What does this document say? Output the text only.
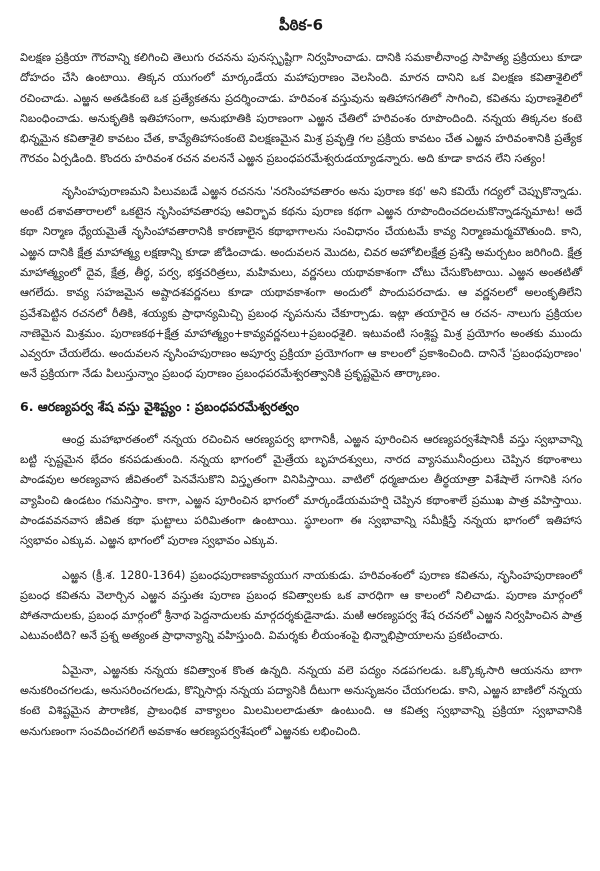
పీఠిక-6

విలక్షణ ప్రక్రియా గౌరవాన్ని కలిగించి తెలుగు రచనను పునస్సృష్టిగా నిర్వహించాడు. దానికి సమకాలీనాంధ్ర సాహిత్య ప్రక్రియలు కూడా దోహదం చేసి ఉంటాయి. తిక్కన యుగంలో మార్కండేయ మహాపురాణం వెలసింది. మారన దానిని ఒక విలక్షణ కవితాశైలిలో రచించాడు. ఎఱ్ఱన అతడికంటె ఒక ప్రత్యేకతను ప్రదర్శించాడు. హరివంశ వస్తువును ఇతిహాసగతిలో సాగించి, కవితను పురాణశైలిలో నిబంధించాడు. అనుకృతికి ఇతిహాసంగా, అనుభూతికి పురాణంగా ఎఱ్ఱన చేతిలో హరివంశం రూపొందింది. నన్నయ తిక్కనల కంటె భిన్నమైన కవితాశైలి కావటం చేత, కావ్యేతిహాసంకంటె విలక్షణమైన మిశ్ర ప్రవృత్తి గల ప్రక్రియ కావటం చేత ఎఱ్ఱన హరివంశానికి ప్రత్యేక గౌరవం ఏర్పడింది. కొందరు హరివంశ రచన వలననే ఎఱ్ఱన ప్రబంధపరమేశ్వరుడయ్యాడన్నారు. అది కూడా కాదన లేని సత్యం!

నృసింహపురాణమని పిలువబడే ఎఱ్ఱన రచనను 'నరసింహావతారం అను పురాణ కథ' అని కవియే గద్యలో చెప్పుకొన్నాడు. అంటే దశావతారాలలో ఒకటైన నృసింహావతారపు ఆవిర్భావ కథను పురాణ కథగా ఎఱ్ఱన రూపొందించదలచుకొన్నాడన్నమాట! అదే కథా నిర్మాణ ధ్యేయమైతే నృసింహావతారానికి కారణాలైన కథాభాగాలను సంవిధానం చేయటమే కావ్య నిర్మాణమర్మమౌతుంది. కాని, ఎఱ్ఱన దానికి క్షేత్ర మాహాత్మ్య లక్షణాన్ని కూడా జోడించాడు. అందువలన మొదట, చివర అహోబిలక్షేత్ర ప్రశస్తి అమర్చటం జరిగింది. క్షేత్ర మాహాత్మ్యంలో దైవ, క్షేత్ర, తీర్థ, పర్వ, భక్తచరిత్రలు, మహిమలు, వర్ణనలు యథావకాశంగా చోటు చేసుకొంటాయి. ఎఱ్ఱన అంతటితో ఆగలేదు. కావ్య సహజమైన అష్టాదశవర్ణనలు కూడా యథావకాశంగా అందులో పొందుపరచాడు. ఆ వర్ణనలలో అలంకృతిలేని ప్రవేశపెట్టిన రచనలో రీతికి, శయ్యకు ప్రాధాన్యమిచ్చి ప్రబంధ నృపనును చేకూర్చాడు. ఇట్లా తయారైన ఆ రచన- నాలుగు ప్రక్రియల నాణెమైన మిశ్రమం. పురాణకథ+క్షేత్ర మాహాత్మ్యం+కావ్యవర్ణనలు+ప్రబంధశైలి. ఇటువంటి సంశ్లిష్ట మిశ్ర ప్రయోగం అంతకు ముందు ఎవ్వరూ చేయలేదు. అందువలన నృసింహపురాణం అపూర్వ ప్రక్రియా ప్రయోగంగా ఆ కాలంలో ప్రకాశించింది. దానినే 'ప్రబంధపురాణం' అనే ప్రక్రియగా నేడు పిలుస్తున్నాం ప్రబంధ పురాణం ప్రబంధపరమేశ్వరత్వానికి ప్రకృష్టమైన తార్కాణం.

6. ఆరణ్యపర్వ శేష వస్తు వైశిష్ట్యం : ప్రబంధపరమేశ్వరత్వం

ఆంధ్ర మహాభారతంలో నన్నయ రచించిన ఆరణ్యపర్వ భాగానికీ, ఎఱ్ఱన పూరించిన ఆరణ్యపర్వశేషానికీ వస్తు స్వభావాన్ని బట్టి స్పష్టమైన భేదం కనపడుతుంది. నన్నయ భాగంలో మైత్రేయ బృహదశ్వులు, నారద వ్యాసమునీంద్రులు చెప్పిన కథాంశాలు పాండవుల అరణ్యవాస జీవితంలో పెనవేసుకొని విస్తృతంగా వినిపిస్తాయి. వాటిలో ధర్మజాదుల తీర్థయాత్రా విశేషాలే సగానికి సగం వ్యాపించి ఉండటం గమనిస్తాం. కాగా, ఎఱ్ఱన పూరించిన భాగంలో మార్కండేయమహర్షి చెప్పిన కథాంశాలే ప్రముఖ పాత్ర వహిస్తాయి. పాండవవనవాస జీవిత కథా ఘట్టాలు పరిమితంగా ఉంటాయి. స్థూలంగా ఈ స్వభావాన్ని సమీక్షిస్తే నన్నయ భాగంలో ఇతిహాస స్వభావం ఎక్కువ. ఎఱ్ఱన భాగంలో పురాణ స్వభావం ఎక్కువ.

ఎఱ్ఱన (క్రీ.శ. 1280-1364) ప్రబంధపురాణకావ్యయుగ నాయకుడు. హరివంశంలో పురాణ కవితను, నృసింహపురాణంలో ప్రబంధ కవితను వెలార్చిన ఎఱ్ఱన వస్తుతః పురాణ ప్రబంధ కవిత్వాలకు ఒక వారధిగా ఆ కాలంలో నిలిచాడు. పురాణ మార్గంలో పోతనాదులకు, ప్రబంధ మార్గంలో శ్రీనాథ పెద్దనాదులకు మార్గదర్శకుడైనాడు. మఱి ఆరణ్యపర్వ శేష రచనలో ఎఱ్ఱన నిర్వహించిన పాత్ర ఎటువంటిది? అనే ప్రశ్న అత్యంత ప్రాధాన్యాన్ని వహిస్తుంది. విమర్శకు లీయంశంపై భిన్నాభిప్రాయాలను ప్రకటించారు.

ఏమైనా, ఎఱ్ఱనకు నన్నయ కవిత్వాంశ కొంత ఉన్నది. నన్నయ వలె పద్యం నడపగలడు. ఒక్కొక్కసారి ఆయనను బాగా అనుకరించగలడు, అనుసరించగలడు, కొన్నిసార్లు నన్నయ పద్యానికి దీటుగా అనుసృజనం చేయగలడు. కాని, ఎఱ్ఱన బాణిలో నన్నయ కంటె విశిష్టమైన పౌరాణిక, ప్రాబంధిక వాక్యాలం మిలమిలలాడుతూ ఉంటుంది. ఆ కవిత్వ స్వభావాన్ని ప్రక్రియా స్వభావానికి అనుగుణంగా సంవదించగలిగే అవకాశం ఆరణ్యపర్వశేషంలో ఎఱ్ఱనకు లభించింది.
